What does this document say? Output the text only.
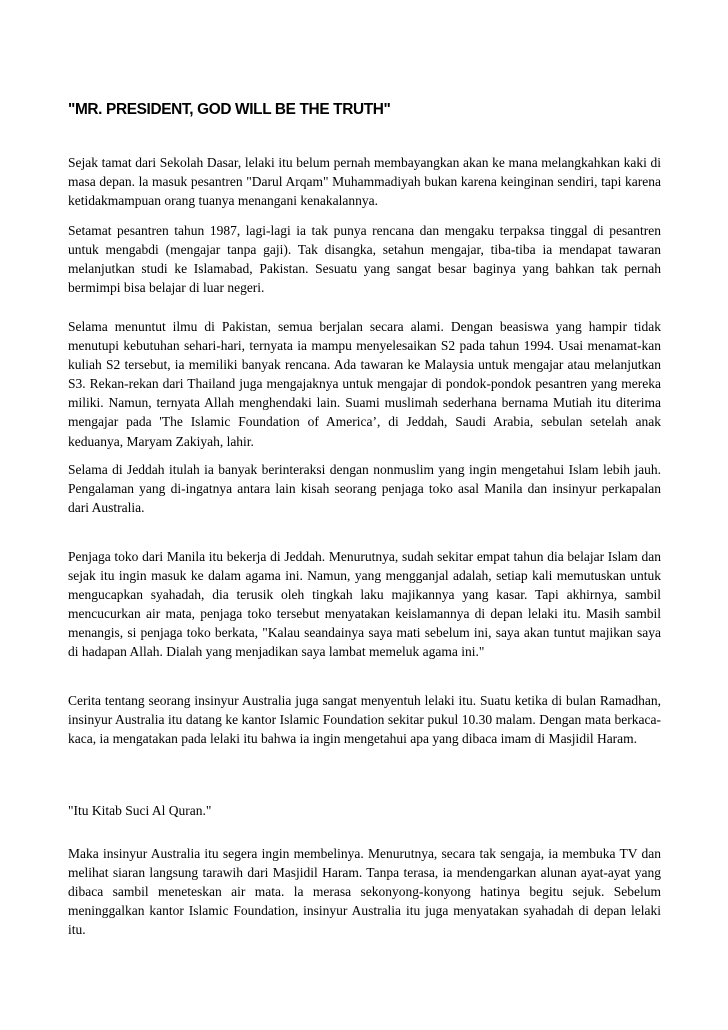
"MR. PRESIDENT, GOD WILL BE THE TRUTH"

Sejak tamat dari Sekolah Dasar, lelaki itu belum pernah membayangkan akan ke mana melangkahkan kaki di masa depan. la masuk pesantren "Darul Arqam" Muhammadiyah bukan karena keinginan sendiri, tapi karena ketidakmampuan orang tuanya menangani kenakalannya.

Setamat pesantren tahun 1987, lagi-lagi ia tak punya rencana dan mengaku terpaksa tinggal di pesantren untuk mengabdi (mengajar tanpa gaji). Tak disangka, setahun mengajar, tiba-tiba ia mendapat tawaran melanjutkan studi ke Islamabad, Pakistan. Sesuatu yang sangat besar baginya yang bahkan tak pernah bermimpi bisa belajar di luar negeri.

Selama menuntut ilmu di Pakistan, semua berjalan secara alami. Dengan beasiswa yang hampir tidak menutupi kebutuhan sehari-hari, ternyata ia mampu menyelesaikan S2 pada tahun 1994. Usai menamat-kan kuliah S2 tersebut, ia memiliki banyak rencana. Ada tawaran ke Malaysia untuk mengajar atau melanjutkan S3. Rekan-rekan dari Thailand juga mengajaknya untuk mengajar di pondok-pondok pesantren yang mereka miliki. Namun, ternyata Allah menghendaki lain. Suami muslimah sederhana bernama Mutiah itu diterima mengajar pada 'The Islamic Foundation of America’, di Jeddah, Saudi Arabia, sebulan setelah anak keduanya, Maryam Zakiyah, lahir.

Selama di Jeddah itulah ia banyak berinteraksi dengan nonmuslim yang ingin mengetahui Islam lebih jauh. Pengalaman yang di-ingatnya antara lain kisah seorang penjaga toko asal Manila dan insinyur perkapalan dari Australia.

Penjaga toko dari Manila itu bekerja di Jeddah. Menurutnya, sudah sekitar empat tahun dia belajar Islam dan sejak itu ingin masuk ke dalam agama ini. Namun, yang mengganjal adalah, setiap kali memutuskan untuk mengucapkan syahadah, dia terusik oleh tingkah laku majikannya yang kasar. Tapi akhirnya, sambil mencucurkan air mata, penjaga toko tersebut menyatakan keislamannya di depan lelaki itu. Masih sambil menangis, si penjaga toko berkata, "Kalau seandainya saya mati sebelum ini, saya akan tuntut majikan saya di hadapan Allah. Dialah yang menjadikan saya lambat memeluk agama ini."

Cerita tentang seorang insinyur Australia juga sangat menyentuh lelaki itu. Suatu ketika di bulan Ramadhan, insinyur Australia itu datang ke kantor Islamic Foundation sekitar pukul 10.30 malam. Dengan mata berkaca-kaca, ia mengatakan pada lelaki itu bahwa ia ingin mengetahui apa yang dibaca imam di Masjidil Haram.

"Itu Kitab Suci Al Quran."

Maka insinyur Australia itu segera ingin membelinya. Menurutnya, secara tak sengaja, ia membuka TV dan melihat siaran langsung tarawih dari Masjidil Haram. Tanpa terasa, ia mendengarkan alunan ayat-ayat yang dibaca sambil meneteskan air mata. la merasa sekonyong-konyong hatinya begitu sejuk. Sebelum meninggalkan kantor Islamic Foundation, insinyur Australia itu juga menyatakan syahadah di depan lelaki itu.
